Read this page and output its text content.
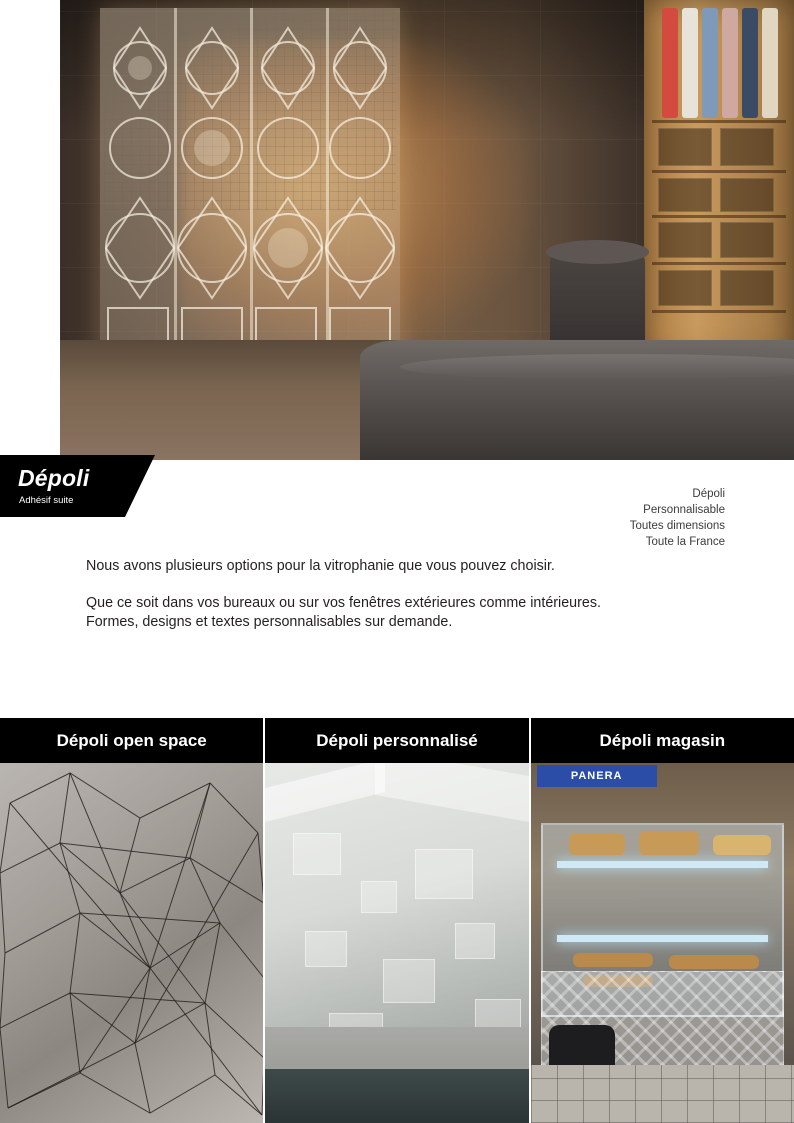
Dépoli
Adhésif suite
Dépoli
Personnalisable
Toutes dimensions
Toute la France

Nous avons plusieurs options pour la vitrophanie que vous pouvez choisir.

Que ce soit dans vos bureaux ou sur vos fenêtres extérieures comme intérieures. Formes, designs et textes personnalisables sur demande.

Dépoli open space	Dépoli personnalisé	Dépoli magasin
PANERA
